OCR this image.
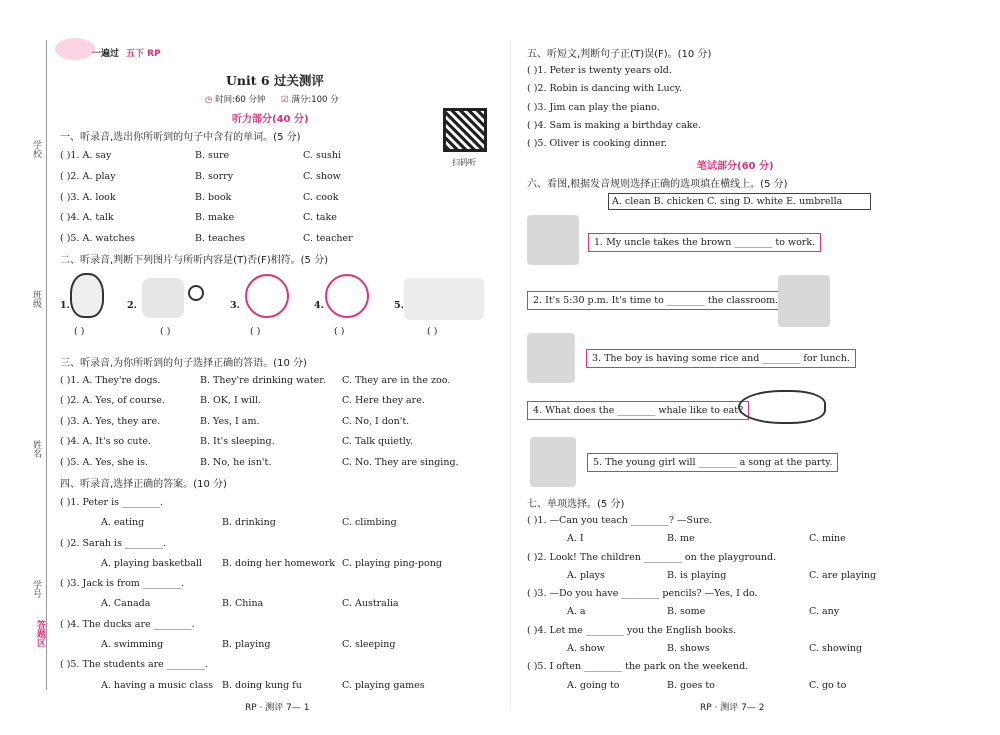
学校
班级
姓名
学号
答题区
一遍过 五下 RP
Unit 6 过关测评
◷ 时间:60 分钟 ☑ 满分:100 分
扫码听
听力部分(40 分)
一、听录音,选出你所听到的句子中含有的单词。(5 分)
( )1. A. say	B. sure	C. sushi
( )2. A. play	B. sorry	C. show
( )3. A. look	B. book	C. cook
( )4. A. talk	B. make	C. take
( )5. A. watches	B. teaches	C. teacher
二、听录音,判断下列图片与所听内容是(T)否(F)相符。(5 分)
1.
( )
2.
( )
3.
( )
4.
( )
5.
( )
三、听录音,为你所听到的句子选择正确的答语。(10 分)
( )1. A. They're dogs.	B. They're drinking water. C. They are in the zoo.
( )2. A. Yes, of course.	B. OK, I will.	C. Here they are.
( )3. A. Yes, they are.	B. Yes, I am.	C. No, I don't.
( )4. A. It's so cute.	B. It's sleeping.	C. Talk quietly.
( )5. A. Yes, she is.	B. No, he isn't.	C. No. They are singing.
四、听录音,选择正确的答案。(10 分)
( )1. Peter is ________.
A. eating	B. drinking	C. climbing
( )2. Sarah is ________.
A. playing basketball B. doing her homework C. playing ping-pong
( )3. Jack is from ________.
A. Canada	B. China	C. Australia
( )4. The ducks are ________.
A. swimming	B. playing	C. sleeping
( )5. The students are ________.
A. having a music class B. doing kung fu	C. playing games
RP · 测评 7— 1
五、听短文,判断句子正(T)误(F)。(10 分)
( )1. Peter is twenty years old.
( )2. Robin is dancing with Lucy.
( )3. Jim can play the piano.
( )4. Sam is making a birthday cake.
( )5. Oliver is cooking dinner.
笔试部分(60 分)
六、看图,根据发音规则选择正确的选项填在横线上。(5 分)
A. clean B. chicken C. sing D. white E. umbrella
1. My uncle takes the brown ________ to work.
2. It's 5:30 p.m. It's time to ________ the classroom.
3. The boy is having some rice and ________ for lunch.
4. What does the ________ whale like to eat?
5. The young girl will ________ a song at the party.
七、单项选择。(5 分)
( )1. —Can you teach ________? —Sure.
A. I	B. me	C. mine
( )2. Look! The children ________ on the playground.
A. plays	B. is playing	C. are playing
( )3. —Do you have ________ pencils? —Yes, I do.
A. a	B. some	C. any
( )4. Let me ________ you the English books.
A. show	B. shows	C. showing
( )5. I often ________ the park on the weekend.
A. going to	B. goes to	C. go to
RP · 测评 7— 2
